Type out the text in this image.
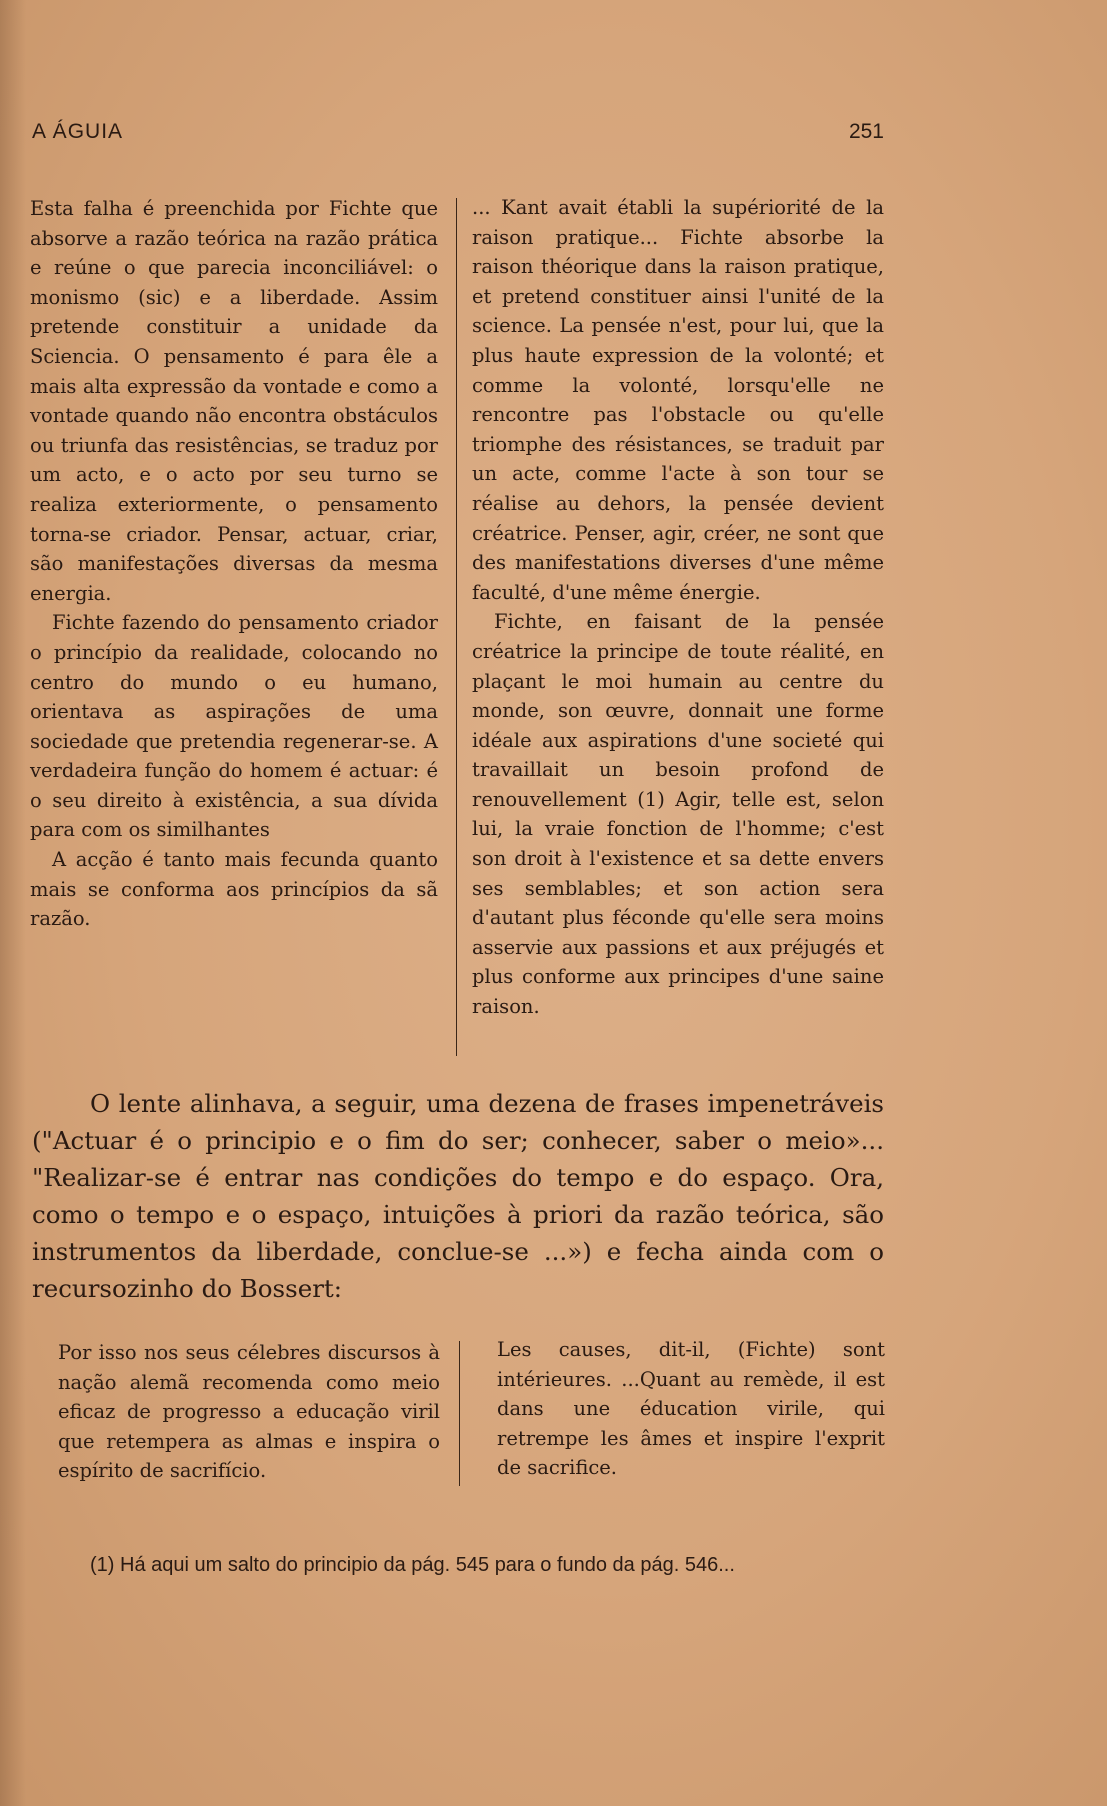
A ÁGUIA	251

Esta falha é preenchida por Fichte que absorve a razão teórica na razão prática e reúne o que parecia inconciliável: o monismo (sic) e a liberdade. Assim pretende constituir a unidade da Sciencia. O pensamento é para êle a mais alta expressão da vontade e como a vontade quando não encontra obstáculos ou triunfa das resistências, se traduz por um acto, e o acto por seu turno se realiza exteriormente, o pensamento torna-se criador. Pensar, actuar, criar, são manifestações diversas da mesma energia.

Fichte fazendo do pensamento criador o princípio da realidade, colocando no centro do mundo o eu humano, orientava as aspirações de uma sociedade que pretendia regenerar-se. A verdadeira função do homem é actuar: é o seu direito à existência, a sua dívida para com os similhantes

A acção é tanto mais fecunda quanto mais se conforma aos princípios da sã razão.

... Kant avait établi la supériorité de la raison pratique... Fichte absorbe la raison théorique dans la raison pratique, et pretend constituer ainsi l'unité de la science. La pensée n'est, pour lui, que la plus haute expression de la volonté; et comme la volonté, lorsqu'elle ne rencontre pas l'obstacle ou qu'elle triomphe des résistances, se traduit par un acte, comme l'acte à son tour se réalise au dehors, la pensée devient créatrice. Penser, agir, créer, ne sont que des manifestations diverses d'une même faculté, d'une même énergie.

Fichte, en faisant de la pensée créatrice la principe de toute réalité, en plaçant le moi humain au centre du monde, son œuvre, donnait une forme idéale aux aspirations d'une societé qui travaillait un besoin profond de renouvellement (1) Agir, telle est, selon lui, la vraie fonction de l'homme; c'est son droit à l'existence et sa dette envers ses semblables; et son action sera d'autant plus féconde qu'elle sera moins asservie aux passions et aux préjugés et plus conforme aux principes d'une saine raison.

O lente alinhava, a seguir, uma dezena de frases impenetráveis ("Actuar é o principio e o fim do ser; conhecer, saber o meio»... "Realizar-se é entrar nas condições do tempo e do espaço. Ora, como o tempo e o espaço, intuições à priori da razão teórica, são instrumentos da liberdade, conclue-se ...») e fecha ainda com o recursozinho do Bossert:

Por isso nos seus célebres discursos à nação alemã recomenda como meio eficaz de progresso a educação viril que retempera as almas e inspira o espírito de sacrifício.

Les causes, dit-il, (Fichte) sont intérieures. ...Quant au remède, il est dans une éducation virile, qui retrempe les âmes et inspire l'exprit de sacrifice.

(1) Há aqui um salto do principio da pág. 545 para o fundo da pág. 546...
